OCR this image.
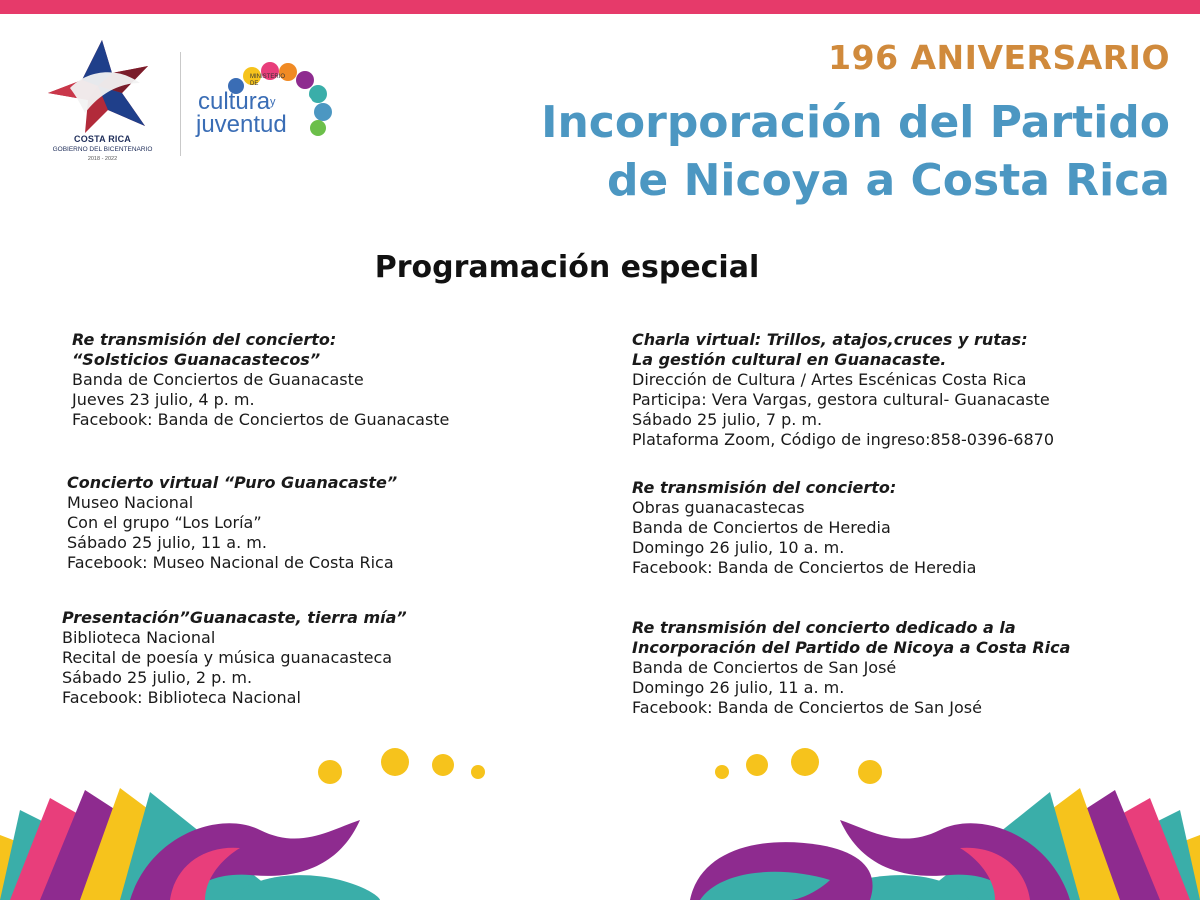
COSTA RICA
GOBIERNO DEL BICENTENARIO
2018 - 2022
MINISTERIO DE
cultura$^y$
juventud
196 ANIVERSARIO
Incorporación del Partido
de Nicoya a Costa Rica
Programación especial
Re transmisión del concierto:
“Solsticios Guanacastecos”
Banda de Conciertos de Guanacaste
Jueves 23 julio, 4 p. m.
Facebook: Banda de Conciertos de Guanacaste
Concierto virtual “Puro Guanacaste”
Museo Nacional
Con el grupo “Los Loría”
Sábado 25 julio, 11 a. m.
Facebook: Museo Nacional de Costa Rica
Presentación”Guanacaste, tierra mía”
Biblioteca Nacional
Recital de poesía y música guanacasteca
Sábado 25 julio, 2 p. m.
Facebook: Biblioteca Nacional
Charla virtual: Trillos, atajos,cruces y rutas:
La gestión cultural en Guanacaste.
Dirección de Cultura / Artes Escénicas Costa Rica
Participa: Vera Vargas, gestora cultural- Guanacaste
Sábado 25 julio, 7 p. m.
Plataforma Zoom, Código de ingreso:858-0396-6870
Re transmisión del concierto:
Obras guanacastecas
Banda de Conciertos de Heredia
Domingo 26 julio, 10 a. m.
Facebook: Banda de Conciertos de Heredia
Re transmisión del concierto dedicado a la
Incorporación del Partido de Nicoya a Costa Rica
Banda de Conciertos de San José
Domingo 26 julio, 11 a. m.
Facebook: Banda de Conciertos de San José
